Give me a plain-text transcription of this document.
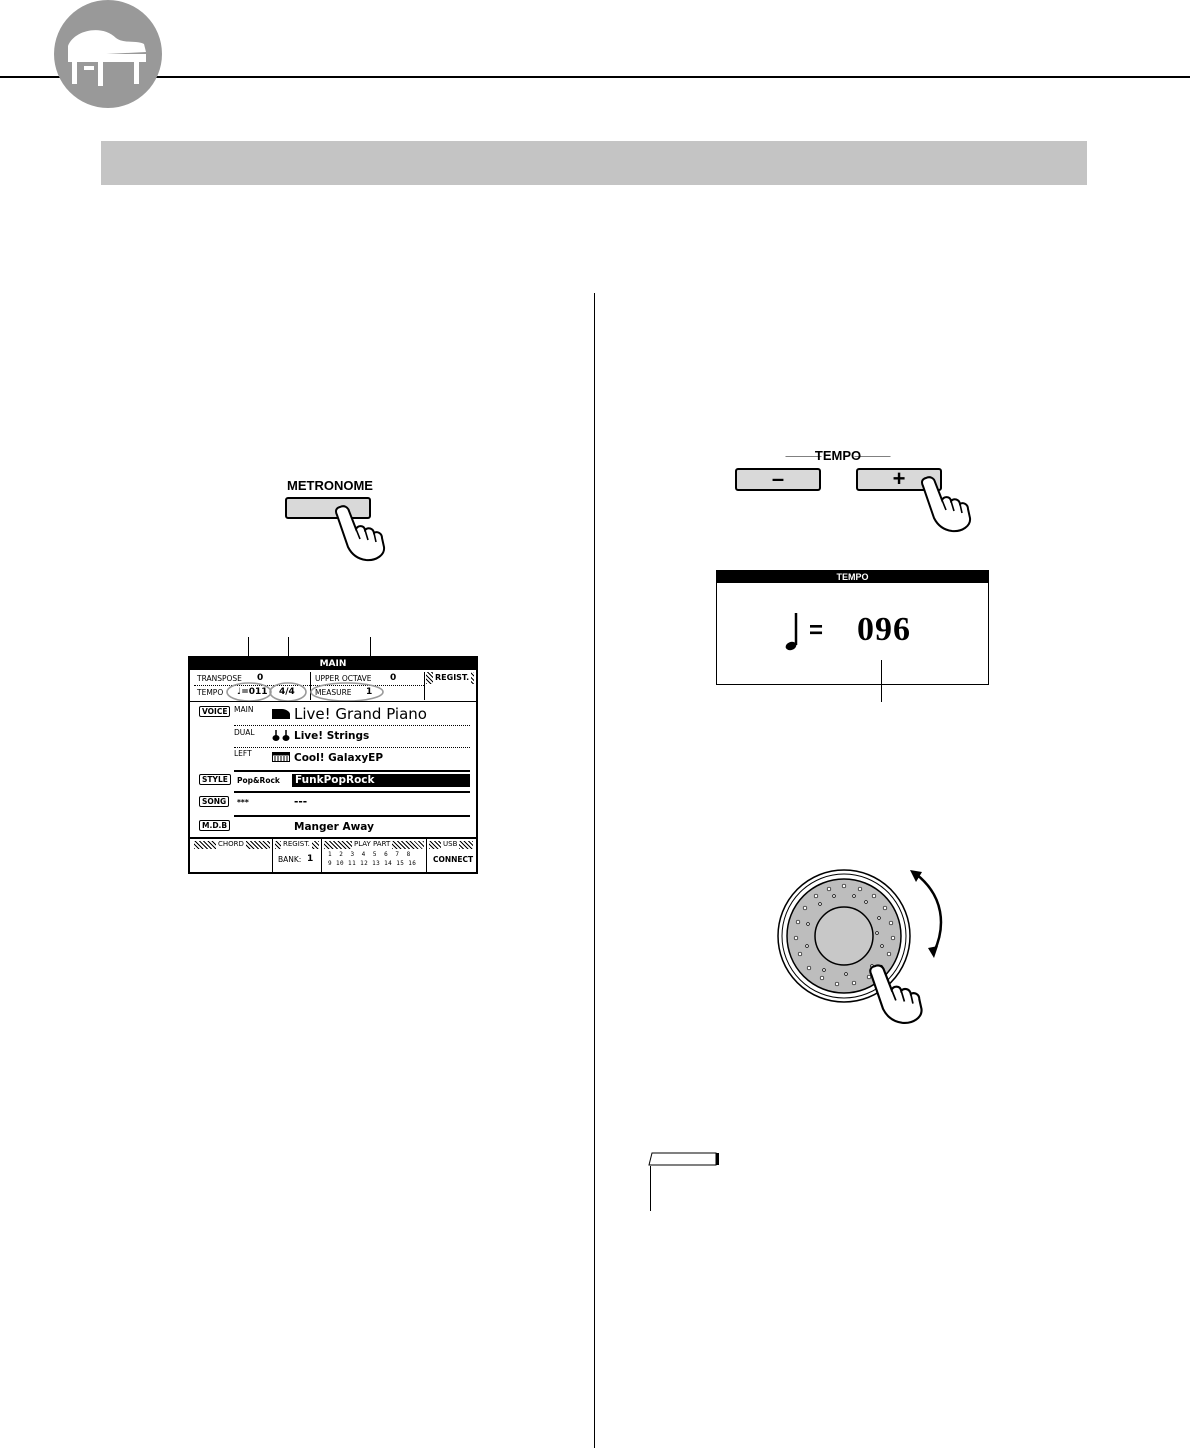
METRONOME
MAIN
TRANSPOSE 0	UPPER OCTAVE 0	REGIST.
TEMPO ♩=011 4/4	MEASURE 1
VOICE MAIN	Live! Grand Piano
DUAL	Live! Strings
LEFT	Cool! GalaxyEP
STYLE	Pop&Rock FunkPopRock
SONG	***	---
M.D.B	Manger Away
CHORD	REGIST.
BANK: 1
PLAY PART
1 2 3 4 5 6 7 8
9 10 11 12 13 14 15 16
USB
CONNECT
TEMPO
–	+
TEMPO
= 096
